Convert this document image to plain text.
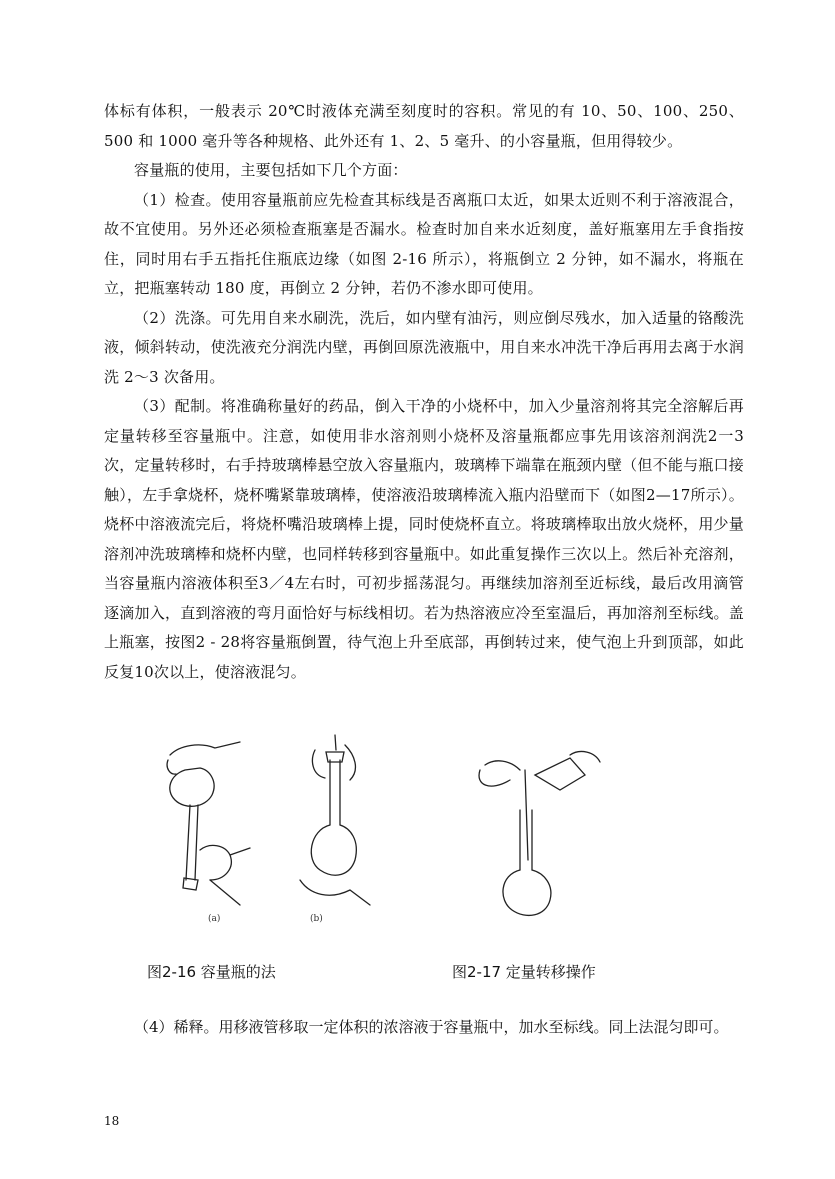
体标有体积，一般表示 20℃时液体充满至刻度时的容积。常见的有 10、50、100、250、500 和 1000 毫升等各种规格、此外还有 1、2、5 毫升、的小容量瓶，但用得较少。

容量瓶的使用，主要包括如下几个方面：

（1）检查。使用容量瓶前应先检查其标线是否离瓶口太近，如果太近则不利于溶液混合，故不宜使用。另外还必须检查瓶塞是否漏水。检查时加自来水近刻度，盖好瓶塞用左手食指按住，同时用右手五指托住瓶底边缘（如图 2-16 所示），将瓶倒立 2 分钟，如不漏水，将瓶在立，把瓶塞转动 180 度，再倒立 2 分钟，若仍不渗水即可使用。

（2）洗涤。可先用自来水刷洗，洗后，如内壁有油污，则应倒尽残水，加入适量的铬酸洗液，倾斜转动，使洗液充分润洗内壁，再倒回原洗液瓶中，用自来水冲洗干净后再用去离于水润洗 2～3 次备用。

（3）配制。将准确称量好的药品，倒入干净的小烧杯中，加入少量溶剂将其完全溶解后再定量转移至容量瓶中。注意，如使用非水溶剂则小烧杯及溶量瓶都应事先用该溶剂润洗2一3次，定量转移时，右手持玻璃棒悬空放入容量瓶内，玻璃棒下端靠在瓶颈内壁（但不能与瓶口接触），左手拿烧杯，烧杯嘴紧靠玻璃棒，使溶液沿玻璃棒流入瓶内沿壁而下（如图2—17所示）。烧杯中溶液流完后，将烧杯嘴沿玻璃棒上提，同时使烧杯直立。将玻璃棒取出放火烧杯，用少量溶剂冲洗玻璃棒和烧杯内壁，也同样转移到容量瓶中。如此重复操作三次以上。然后补充溶剂，当容量瓶内溶液体积至3／4左右时，可初步摇荡混匀。再继续加溶剂至近标线，最后改用滴管逐滴加入，直到溶液的弯月面恰好与标线相切。若为热溶液应冷至室温后，再加溶剂至标线。盖上瓶塞，按图2 - 28将容量瓶倒置，待气泡上升至底部，再倒转过来，使气泡上升到顶部，如此反复10次以上，使溶液混匀。

(a)	(b)
图2-16 容量瓶的法	图2-17 定量转移操作

（4）稀释。用移液管移取一定体积的浓溶液于容量瓶中，加水至标线。同上法混匀即可。

18
